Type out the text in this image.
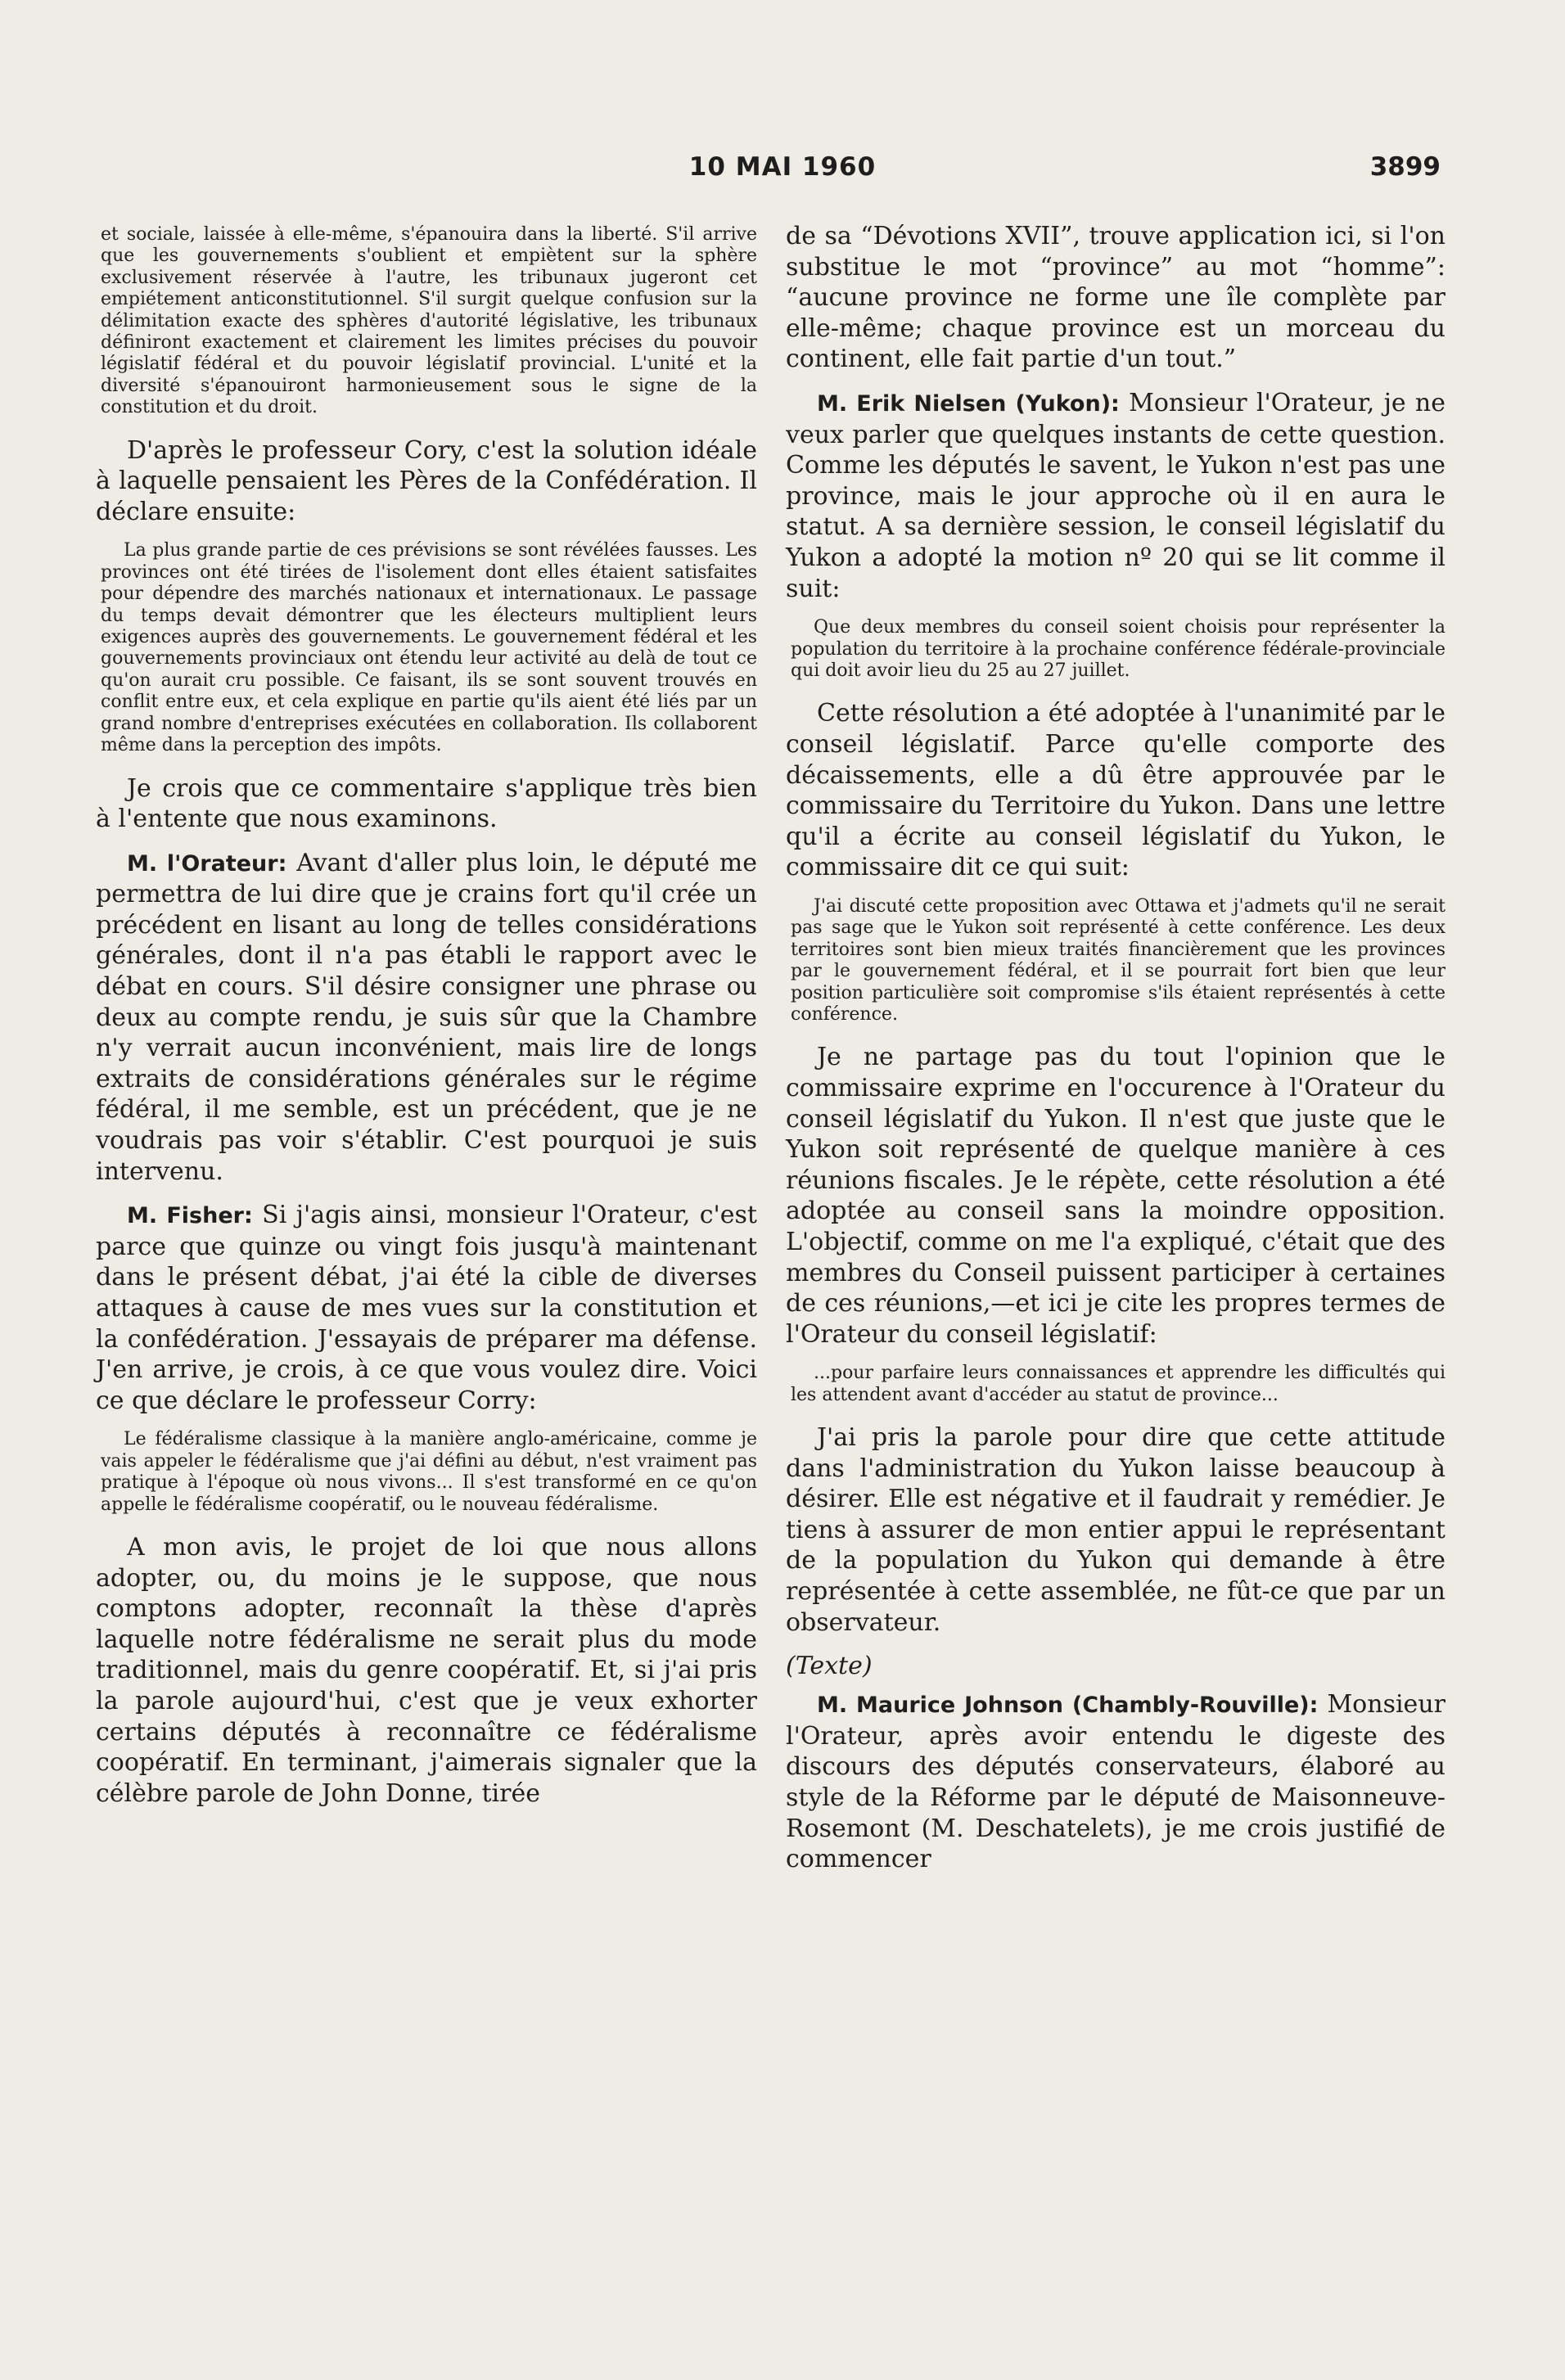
10 MAI 1960	3899

et sociale, laissée à elle-même, s'épanouira dans la liberté. S'il arrive que les gouvernements s'oublient et empiètent sur la sphère exclusivement réservée à l'autre, les tribunaux jugeront cet empiétement anticonstitutionnel. S'il surgit quelque confusion sur la délimitation exacte des sphères d'autorité législative, les tribunaux définiront exactement et clairement les limites précises du pouvoir législatif fédéral et du pouvoir législatif provincial. L'unité et la diversité s'épanouiront harmonieusement sous le signe de la constitution et du droit.

D'après le professeur Cory, c'est la solution idéale à laquelle pensaient les Pères de la Confédération. Il déclare ensuite:

La plus grande partie de ces prévisions se sont révélées fausses. Les provinces ont été tirées de l'isolement dont elles étaient satisfaites pour dépendre des marchés nationaux et internationaux. Le passage du temps devait démontrer que les électeurs multiplient leurs exigences auprès des gouvernements. Le gouvernement fédéral et les gouvernements provinciaux ont étendu leur activité au delà de tout ce qu'on aurait cru possible. Ce faisant, ils se sont souvent trouvés en conflit entre eux, et cela explique en partie qu'ils aient été liés par un grand nombre d'entreprises exécutées en collaboration. Ils collaborent même dans la perception des impôts.

Je crois que ce commentaire s'applique très bien à l'entente que nous examinons.

M. l'Orateur: Avant d'aller plus loin, le député me permettra de lui dire que je crains fort qu'il crée un précédent en lisant au long de telles considérations générales, dont il n'a pas établi le rapport avec le débat en cours. S'il désire consigner une phrase ou deux au compte rendu, je suis sûr que la Chambre n'y verrait aucun inconvénient, mais lire de longs extraits de considérations générales sur le régime fédéral, il me semble, est un précédent, que je ne voudrais pas voir s'établir. C'est pourquoi je suis intervenu.

M. Fisher: Si j'agis ainsi, monsieur l'Orateur, c'est parce que quinze ou vingt fois jusqu'à maintenant dans le présent débat, j'ai été la cible de diverses attaques à cause de mes vues sur la constitution et la confédération. J'essayais de préparer ma défense. J'en arrive, je crois, à ce que vous voulez dire. Voici ce que déclare le professeur Corry:

Le fédéralisme classique à la manière anglo-américaine, comme je vais appeler le fédéralisme que j'ai défini au début, n'est vraiment pas pratique à l'époque où nous vivons... Il s'est transformé en ce qu'on appelle le fédéralisme coopératif, ou le nouveau fédéralisme.

A mon avis, le projet de loi que nous allons adopter, ou, du moins je le suppose, que nous comptons adopter, reconnaît la thèse d'après laquelle notre fédéralisme ne serait plus du mode traditionnel, mais du genre coopératif. Et, si j'ai pris la parole aujourd'hui, c'est que je veux exhorter certains députés à reconnaître ce fédéralisme coopératif. En terminant, j'aimerais signaler que la célèbre parole de John Donne, tirée

de sa “Dévotions XVII”, trouve application ici, si l'on substitue le mot “province” au mot “homme”: “aucune province ne forme une île complète par elle-même; chaque province est un morceau du continent, elle fait partie d'un tout.”

M. Erik Nielsen (Yukon): Monsieur l'Orateur, je ne veux parler que quelques instants de cette question. Comme les députés le savent, le Yukon n'est pas une province, mais le jour approche où il en aura le statut. A sa dernière session, le conseil législatif du Yukon a adopté la motion nº 20 qui se lit comme il suit:

Que deux membres du conseil soient choisis pour représenter la population du territoire à la prochaine conférence fédérale-provinciale qui doit avoir lieu du 25 au 27 juillet.

Cette résolution a été adoptée à l'unanimité par le conseil législatif. Parce qu'elle comporte des décaissements, elle a dû être approuvée par le commissaire du Territoire du Yukon. Dans une lettre qu'il a écrite au conseil législatif du Yukon, le commissaire dit ce qui suit:

J'ai discuté cette proposition avec Ottawa et j'admets qu'il ne serait pas sage que le Yukon soit représenté à cette conférence. Les deux territoires sont bien mieux traités financièrement que les provinces par le gouvernement fédéral, et il se pourrait fort bien que leur position particulière soit compromise s'ils étaient représentés à cette conférence.

Je ne partage pas du tout l'opinion que le commissaire exprime en l'occurence à l'Orateur du conseil législatif du Yukon. Il n'est que juste que le Yukon soit représenté de quelque manière à ces réunions fiscales. Je le répète, cette résolution a été adoptée au conseil sans la moindre opposition. L'objectif, comme on me l'a expliqué, c'était que des membres du Conseil puissent participer à certaines de ces réunions,—et ici je cite les propres termes de l'Orateur du conseil législatif:

...pour parfaire leurs connaissances et apprendre les difficultés qui les attendent avant d'accéder au statut de province...

J'ai pris la parole pour dire que cette attitude dans l'administration du Yukon laisse beaucoup à désirer. Elle est négative et il faudrait y remédier. Je tiens à assurer de mon entier appui le représentant de la population du Yukon qui demande à être représentée à cette assemblée, ne fût-ce que par un observateur.

(Texte)

M. Maurice Johnson (Chambly-Rouville): Monsieur l'Orateur, après avoir entendu le digeste des discours des députés conservateurs, élaboré au style de la Réforme par le député de Maisonneuve-Rosemont (M. Deschatelets), je me crois justifié de commencer
